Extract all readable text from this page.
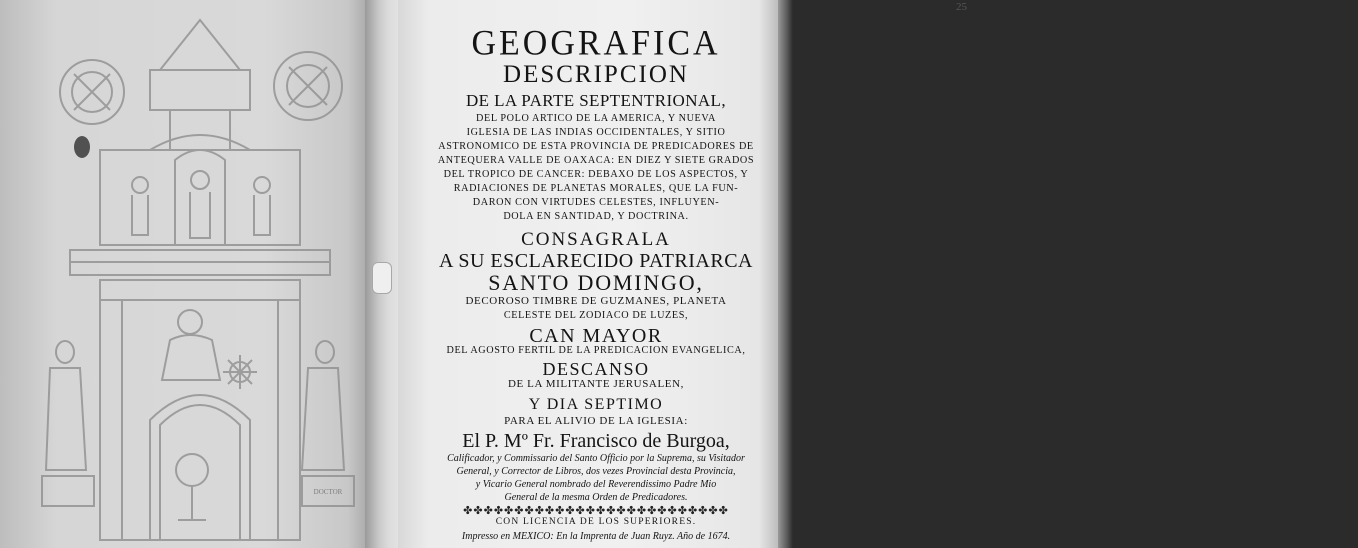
DOCTOR
25
GEOGRAFICA
DESCRIPCION
DE LA PARTE SEPTENTRIONAL,
DEL POLO ARTICO DE LA AMERICA, Y NUEVA
IGLESIA DE LAS INDIAS OCCIDENTALES, Y SITIO
ASTRONOMICO DE ESTA PROVINCIA DE PREDICADORES DE
ANTEQUERA VALLE DE OAXACA: EN DIEZ Y SIETE GRADOS
DEL TROPICO DE CANCER: DEBAXO DE LOS ASPECTOS, Y
RADIACIONES DE PLANETAS MORALES, QUE LA FUN-
DARON CON VIRTUDES CELESTES, INFLUYEN-
DOLA EN SANTIDAD, Y DOCTRINA.
CONSAGRALA
A SU ESCLARECIDO PATRIARCA
SANTO DOMINGO,
DECOROSO TIMBRE DE GUZMANES, PLANETA
CELESTE DEL ZODIACO DE LUZES,
CAN MAYOR
DEL AGOSTO FERTIL DE LA PREDICACION EVANGELICA,
DESCANSO
DE LA MILITANTE JERUSALEN,
Y DIA SEPTIMO
PARA EL ALIVIO DE LA IGLESIA:
El P. Mº Fr. Francisco de Burgoa,
Calificador, y Commissario del Santo Officio por la Suprema, su Visitador
General, y Corrector de Libros, dos vezes Provincial desta Provincia,
y Vicario General nombrado del Reverendissimo Padre Mio
General de la mesma Orden de Predicadores.
✤✤✤✤✤✤✤✤✤✤✤✤✤✤✤✤✤✤✤✤✤✤✤✤✤✤
CON LICENCIA DE LOS SUPERIORES.
Impresso en MEXICO: En la Imprenta de Juan Ruyz. Año de 1674.
